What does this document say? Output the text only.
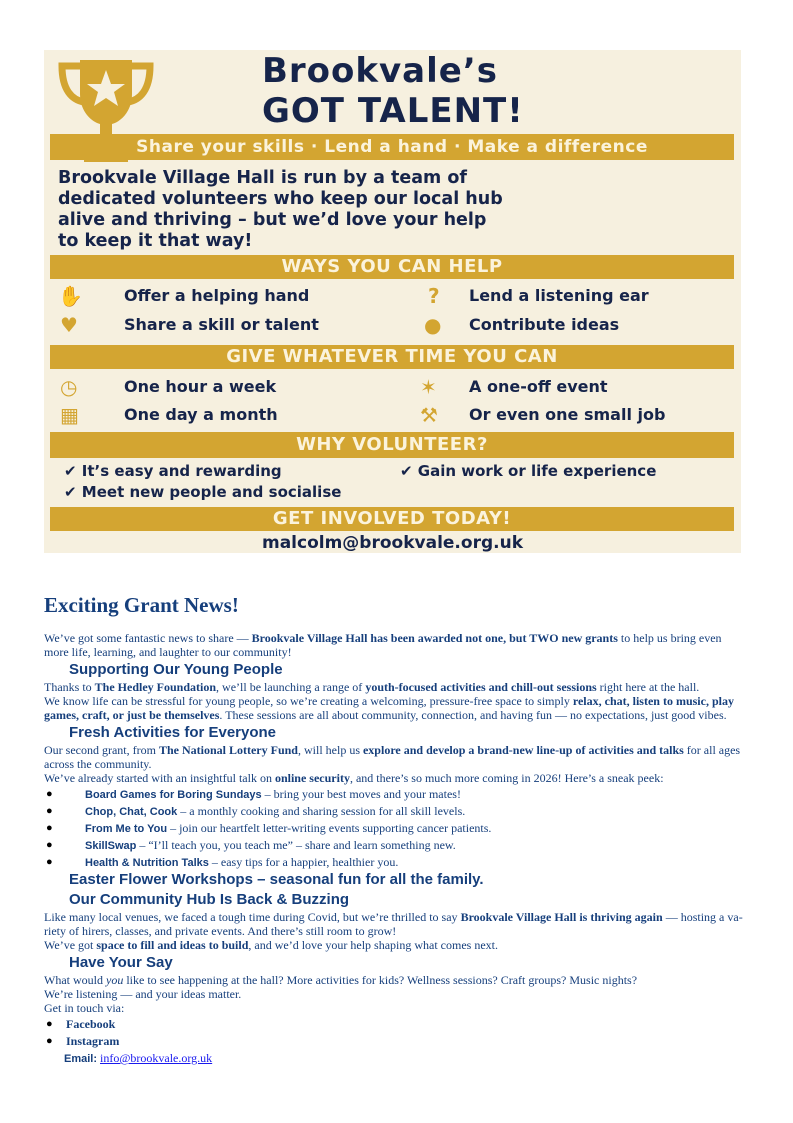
Brookvale’s
GOT TALENT!
Share your skills · Lend a hand · Make a difference
Brookvale Village Hall is run by a team of
dedicated volunteers who keep our local hub
alive and thriving – but we’d love your help
to keep it that way!
WAYS YOU CAN HELP
✋	Offer a helping hand	? Lend a listening ear
♥	Share a skill or talent	● Contribute ideas
GIVE WHATEVER TIME YOU CAN
◷	One hour a week	✶ A one-off event
▦	One day a month	⚒ Or even one small job
WHY VOLUNTEER?
✔ It’s easy and rewarding	✔ Gain work or life experience
✔ Meet new people and socialise
GET INVOLVED TODAY!
malcolm@brookvale.org.uk
Exciting Grant News!
We’ve got some fantastic news to share — Brookvale Village Hall has been awarded not one, but TWO new grants to help us bring even
more life, learning, and laughter to our community!
Supporting Our Young People
Thanks to The Hedley Foundation, we’ll be launching a range of youth-focused activities and chill-out sessions right here at the hall.
We know life can be stressful for young people, so we’re creating a welcoming, pressure-free space to simply relax, chat, listen to music, play
games, craft, or just be themselves. These sessions are all about community, connection, and having fun — no expectations, just good vibes.
Fresh Activities for Everyone
Our second grant, from The National Lottery Fund, will help us explore and develop a brand-new line-up of activities and talks for all ages
across the community.
We’ve already started with an insightful talk on online security, and there’s so much more coming in 2026! Here’s a sneak peek:
●	Board Games for Boring Sundays – bring your best moves and your mates!
●	Chop, Chat, Cook – a monthly cooking and sharing session for all skill levels.
●	From Me to You – join our heartfelt letter-writing events supporting cancer patients.
●	SkillSwap – “I’ll teach you, you teach me” – share and learn something new.
●	Health & Nutrition Talks – easy tips for a happier, healthier you.
Easter Flower Workshops – seasonal fun for all the family.
Our Community Hub Is Back & Buzzing
Like many local venues, we faced a tough time during Covid, but we’re thrilled to say Brookvale Village Hall is thriving again — hosting a va-
riety of hirers, classes, and private events. And there’s still room to grow!
We’ve got space to fill and ideas to build, and we’d love your help shaping what comes next.
Have Your Say
What would you like to see happening at the hall? More activities for kids? Wellness sessions? Craft groups? Music nights?
We’re listening — and your ideas matter.
Get in touch via:
● Facebook
● Instagram
Email: info@brookvale.org.uk
